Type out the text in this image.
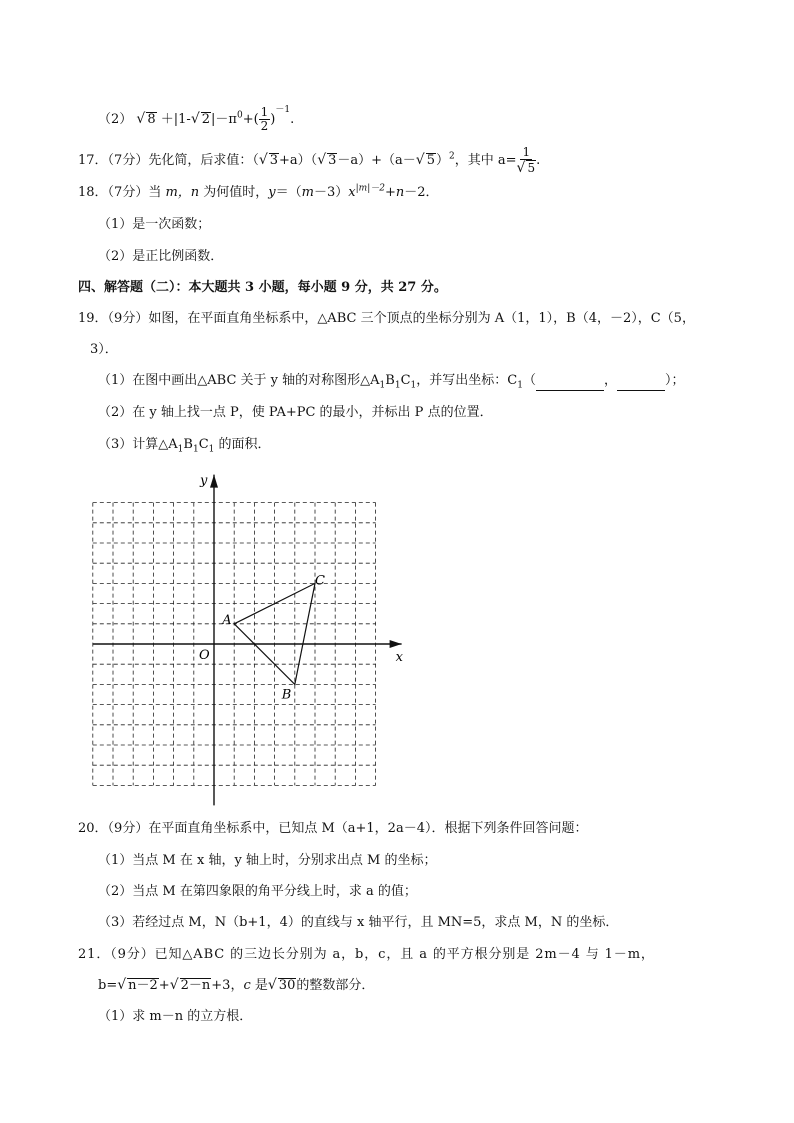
（2） √ 8 ＋|1-√ $2|-\pi^0+( \frac{1}{2} )^{-1}$.
17．（7分）先化简，后求值：（√ 3+a）（√ 3－a）+（a－√ 5）$^2$，其中 $a= \frac{1}{√ 5}$ .
18．（7分）当 m，n 为何值时，$y=(m-3)x^{|m|-2}+n-2$．
（1）是一次函数；
（2）是正比例函数．
四、解答题（二）：本大题共 3 小题，每小题 9 分，共 27 分。
19．（9分）如图，在平面直角坐标系中，△ABC 三个顶点的坐标分别为 A（1，1），B（4，－2），C（5，
3）．
（1）在图中画出△ABC 关于 y 轴的对称图形$\triangle A_1B_1C_1$，并写出坐标：$C_1$（	，	）；
（2）在 y 轴上找一点 P，使 PA+PC 的最小，并标出 P 点的位置．
（3）计算$\triangle A_1B_1C_1$ 的面积．
y
x
O
A
B
C
20．（9分）在平面直角坐标系中，已知点 M（a+1，2a－4）．根据下列条件回答问题：
（1）当点 M 在 x 轴，y 轴上时，分别求出点 M 的坐标；
（2）当点 M 在第四象限的角平分线上时，求 a 的值；
（3）若经过点 M，N（b+1，4）的直线与 x 轴平行，且 MN=5，求点 M，N 的坐标．
21．（9分）已知△ABC 的三边长分别为 a，b，c，且 a 的平方根分别是 2m－4 与 1－m，
b=√ n－2+√ 2－n+3，c 是√ 30的整数部分．
（1）求 m－n 的立方根．
